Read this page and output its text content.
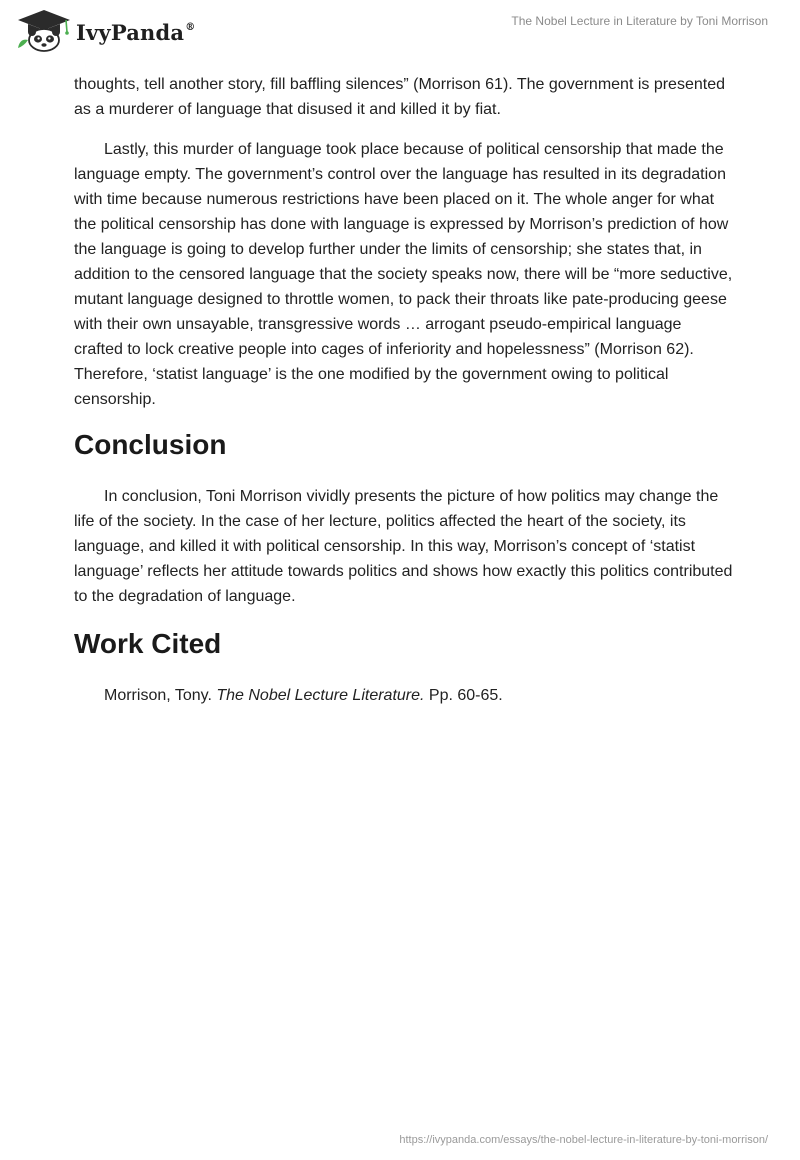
IvyPanda®	The Nobel Lecture in Literature by Toni Morrison

thoughts, tell another story, fill baffling silences” (Morrison 61). The government is presented as a murderer of language that disused it and killed it by fiat.

Lastly, this murder of language took place because of political censorship that made the language empty. The government’s control over the language has resulted in its degradation with time because numerous restrictions have been placed on it. The whole anger for what the political censorship has done with language is expressed by Morrison’s prediction of how the language is going to develop further under the limits of censorship; she states that, in addition to the censored language that the society speaks now, there will be “more seductive, mutant language designed to throttle women, to pack their throats like pate-producing geese with their own unsayable, transgressive words … arrogant pseudo-empirical language crafted to lock creative people into cages of inferiority and hopelessness” (Morrison 62). Therefore, ‘statist language’ is the one modified by the government owing to political censorship.

Conclusion

In conclusion, Toni Morrison vividly presents the picture of how politics may change the life of the society. In the case of her lecture, politics affected the heart of the society, its language, and killed it with political censorship. In this way, Morrison’s concept of ‘statist language’ reflects her attitude towards politics and shows how exactly this politics contributed to the degradation of language.

Work Cited

Morrison, Tony. The Nobel Lecture Literature. Pp. 60-65.

https://ivypanda.com/essays/the-nobel-lecture-in-literature-by-toni-morrison/
